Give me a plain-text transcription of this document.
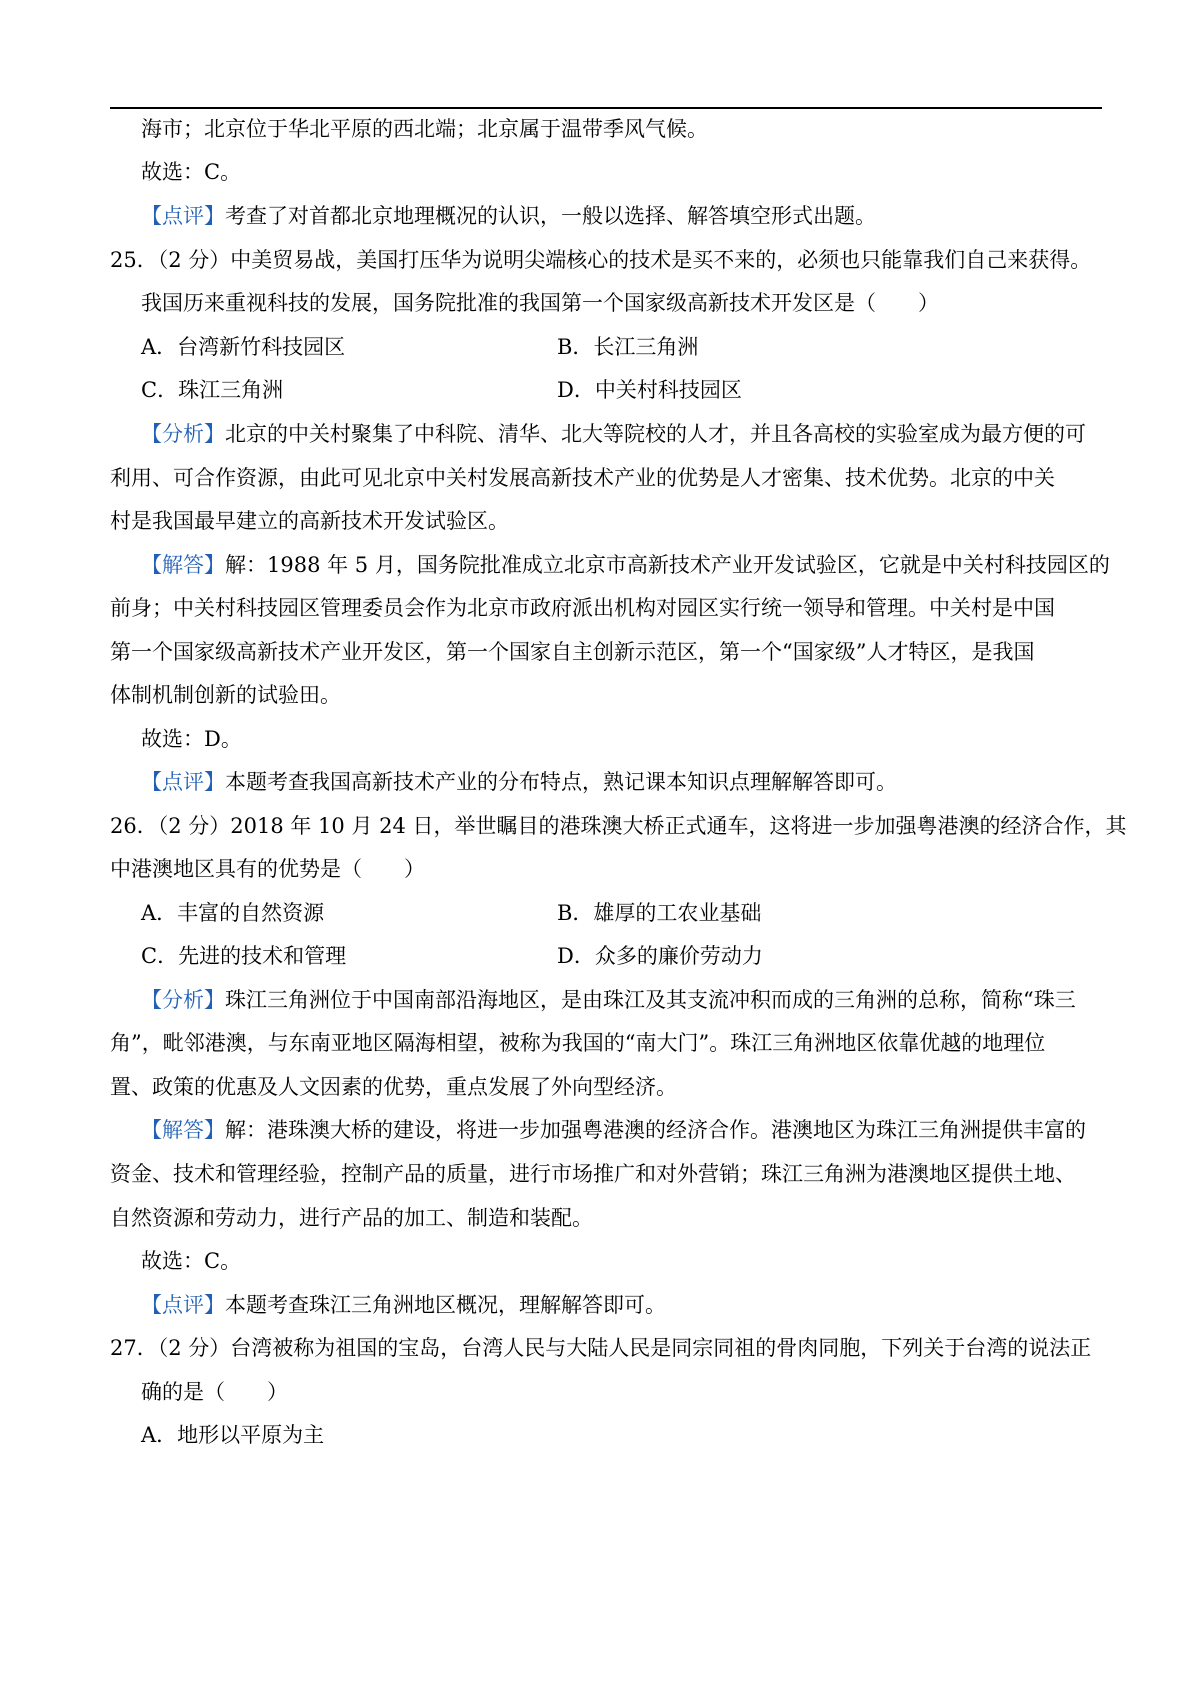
海市；北京位于华北平原的西北端；北京属于温带季风气候。
故选：C。
【点评】考查了对首都北京地理概况的认识，一般以选择、解答填空形式出题。
25．（2 分）中美贸易战，美国打压华为说明尖端核心的技术是买不来的，必须也只能靠我们自己来获得。
我国历来重视科技的发展，国务院批准的我国第一个国家级高新技术开发区是（　　）
A．台湾新竹科技园区	B．长江三角洲
C．珠江三角洲	D．中关村科技园区
【分析】北京的中关村聚集了中科院、清华、北大等院校的人才，并且各高校的实验室成为最方便的可
利用、可合作资源，由此可见北京中关村发展高新技术产业的优势是人才密集、技术优势。北京的中关
村是我国最早建立的高新技术开发试验区。
【解答】解：1988 年 5 月，国务院批准成立北京市高新技术产业开发试验区，它就是中关村科技园区的
前身；中关村科技园区管理委员会作为北京市政府派出机构对园区实行统一领导和管理。中关村是中国
第一个国家级高新技术产业开发区，第一个国家自主创新示范区，第一个“国家级”人才特区，是我国
体制机制创新的试验田。
故选：D。
【点评】本题考查我国高新技术产业的分布特点，熟记课本知识点理解解答即可。
26．（2 分）2018 年 10 月 24 日，举世瞩目的港珠澳大桥正式通车，这将进一步加强粤港澳的经济合作，其
中港澳地区具有的优势是（　　）
A．丰富的自然资源	B．雄厚的工农业基础
C．先进的技术和管理	D．众多的廉价劳动力
【分析】珠江三角洲位于中国南部沿海地区，是由珠江及其支流冲积而成的三角洲的总称，简称“珠三
角”，毗邻港澳，与东南亚地区隔海相望，被称为我国的“南大门”。珠江三角洲地区依靠优越的地理位
置、政策的优惠及人文因素的优势，重点发展了外向型经济。
【解答】解：港珠澳大桥的建设，将进一步加强粤港澳的经济合作。港澳地区为珠江三角洲提供丰富的
资金、技术和管理经验，控制产品的质量，进行市场推广和对外营销；珠江三角洲为港澳地区提供土地、
自然资源和劳动力，进行产品的加工、制造和装配。
故选：C。
【点评】本题考查珠江三角洲地区概况，理解解答即可。
27．（2 分）台湾被称为祖国的宝岛，台湾人民与大陆人民是同宗同祖的骨肉同胞，下列关于台湾的说法正
确的是（　　）
A．地形以平原为主
